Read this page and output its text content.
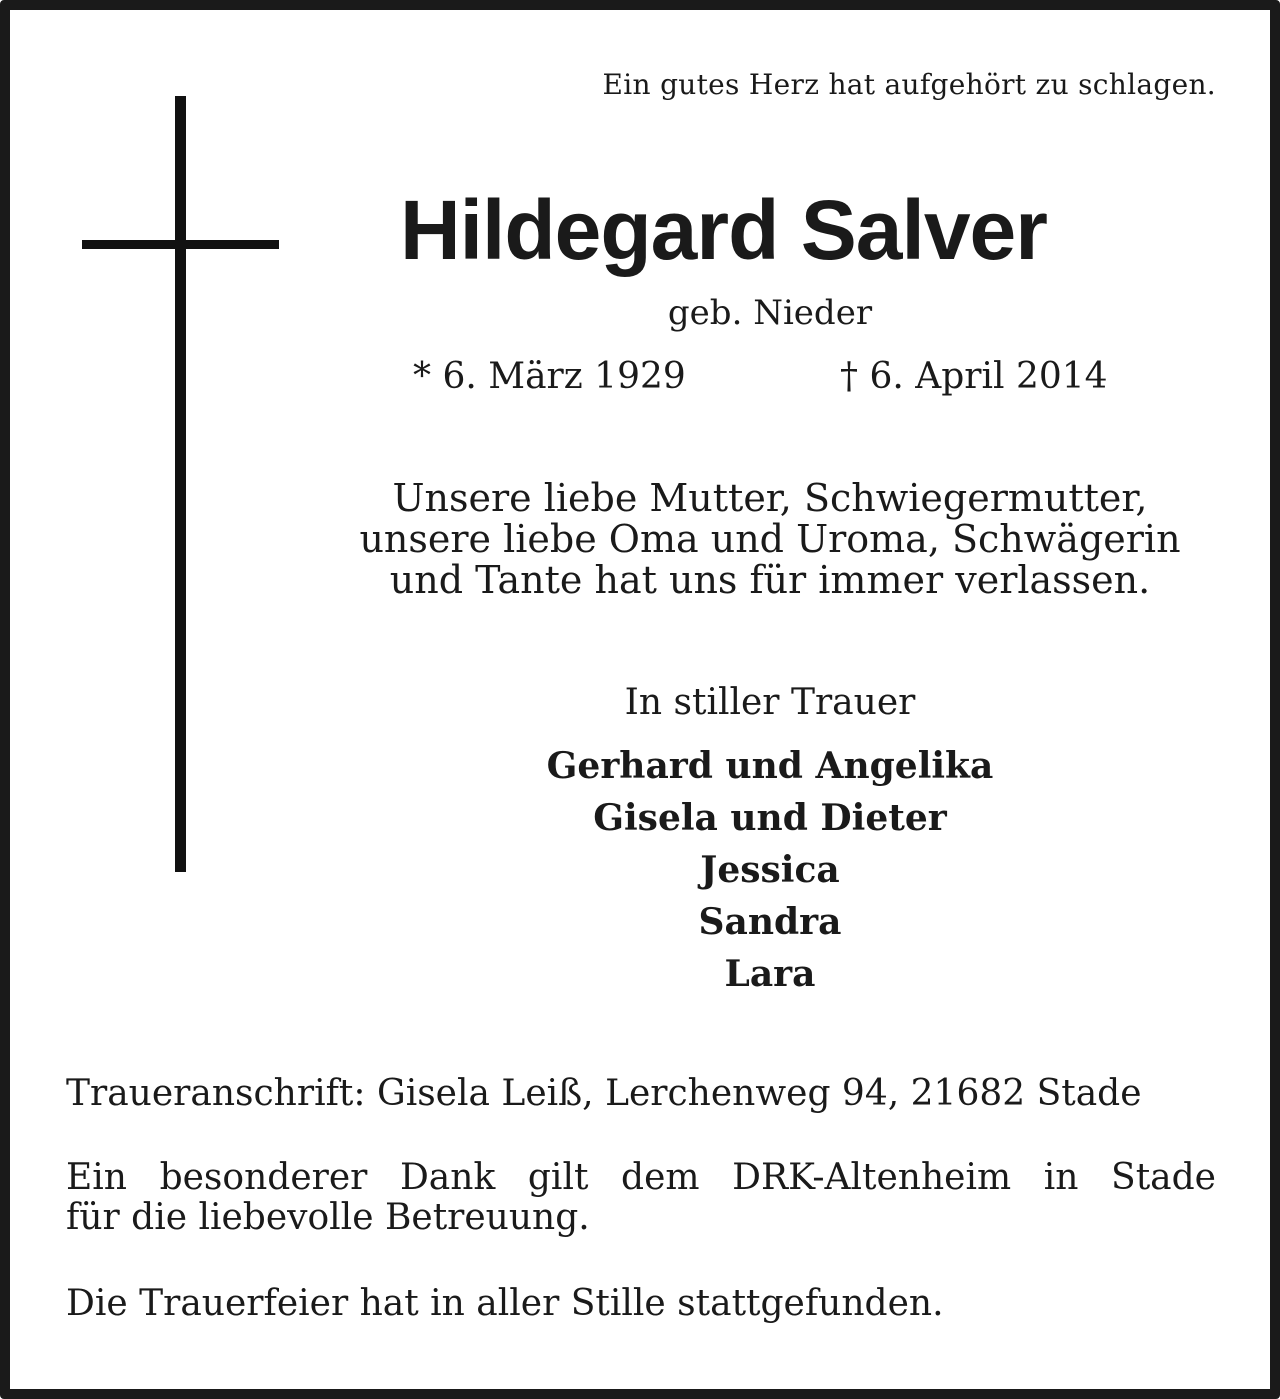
Ein gutes Herz hat aufgehört zu schlagen.
Hildegard Salver
geb. Nieder
* 6. März 1929	† 6. April 2014
Unsere liebe Mutter, Schwiegermutter,
unsere liebe Oma und Uroma, Schwägerin
und Tante hat uns für immer verlassen.
In stiller Trauer
Gerhard und Angelika
Gisela und Dieter
Jessica
Sandra
Lara
Traueranschrift: Gisela Leiß, Lerchenweg 94, 21682 Stade
Ein besonderer Dank gilt dem DRK-Altenheim in Stade
für die liebevolle Betreuung.
Die Trauerfeier hat in aller Stille stattgefunden.
